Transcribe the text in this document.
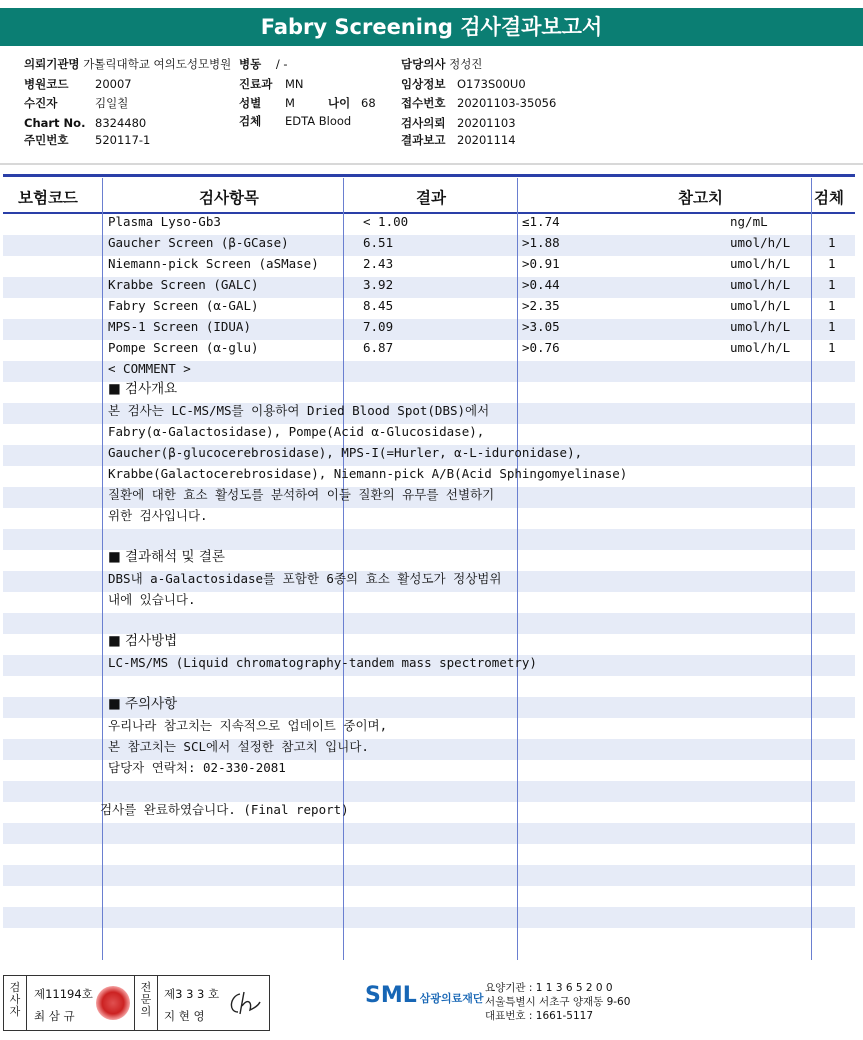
Fabry Screening 검사결과보고서
의뢰기관명 가톨릭대학교 여의도성모병원 병동 / -	담당의사 정성진
병원코드 20007	진료과 MN	임상정보 O173S00U0
수진자	김일칠	성별 M	나이 68 접수번호 20201103-35056
Chart No. 8324480	검체 EDTA Blood	검사의뢰 20201103
주민번호 520117-1	결과보고 20201114
보험코드	검사항목	결과	참고치	검체
Plasma Lyso-Gb3	< 1.00	≤1.74	ng/mL
Gaucher Screen (β-GCase)	6.51	>1.88	umol/h/L	1
Niemann-pick Screen (aSMase)	2.43	>0.91	umol/h/L	1
Krabbe Screen (GALC)	3.92	>0.44	umol/h/L	1
Fabry Screen (α-GAL)	8.45	>2.35	umol/h/L	1
MPS-1 Screen (IDUA)	7.09	>3.05	umol/h/L	1
Pompe Screen (α-glu)	6.87	>0.76	umol/h/L	1
< COMMENT >
■ 검사개요
본 검사는 LC-MS/MS를 이용하여 Dried Blood Spot(DBS)에서
Fabry(α-Galactosidase), Pompe(Acid α-Glucosidase),
Gaucher(β-glucocerebrosidase), MPS-I(=Hurler, α-L-iduronidase),
Krabbe(Galactocerebrosidase), Niemann-pick A/B(Acid Sphingomyelinase)
질환에 대한 효소 활성도를 분석하여 이들 질환의 유무를 선별하기
위한 검사입니다.
■ 결과해석 및 결론
DBS내 a-Galactosidase를 포함한 6종의 효소 활성도가 정상범위
내에 있습니다.
■ 검사방법
LC-MS/MS (Liquid chromatography-tandem mass spectrometry)
■ 주의사항
우리나라 참고치는 지속적으로 업데이트 중이며,
본 참고치는 SCL에서 설정한 참고치 입니다.
담당자 연락처: 02-330-2081
검사를 완료하였습니다. (Final report)
검사자
제11194호
최 삼 규
전문의
제3 3 3 호
지 현 영
SML 삼광의료재단
요양기관 : 1 1 3 6 5 2 0 0
서울특별시 서초구 양재동 9-60
대표번호 : 1661-5117
